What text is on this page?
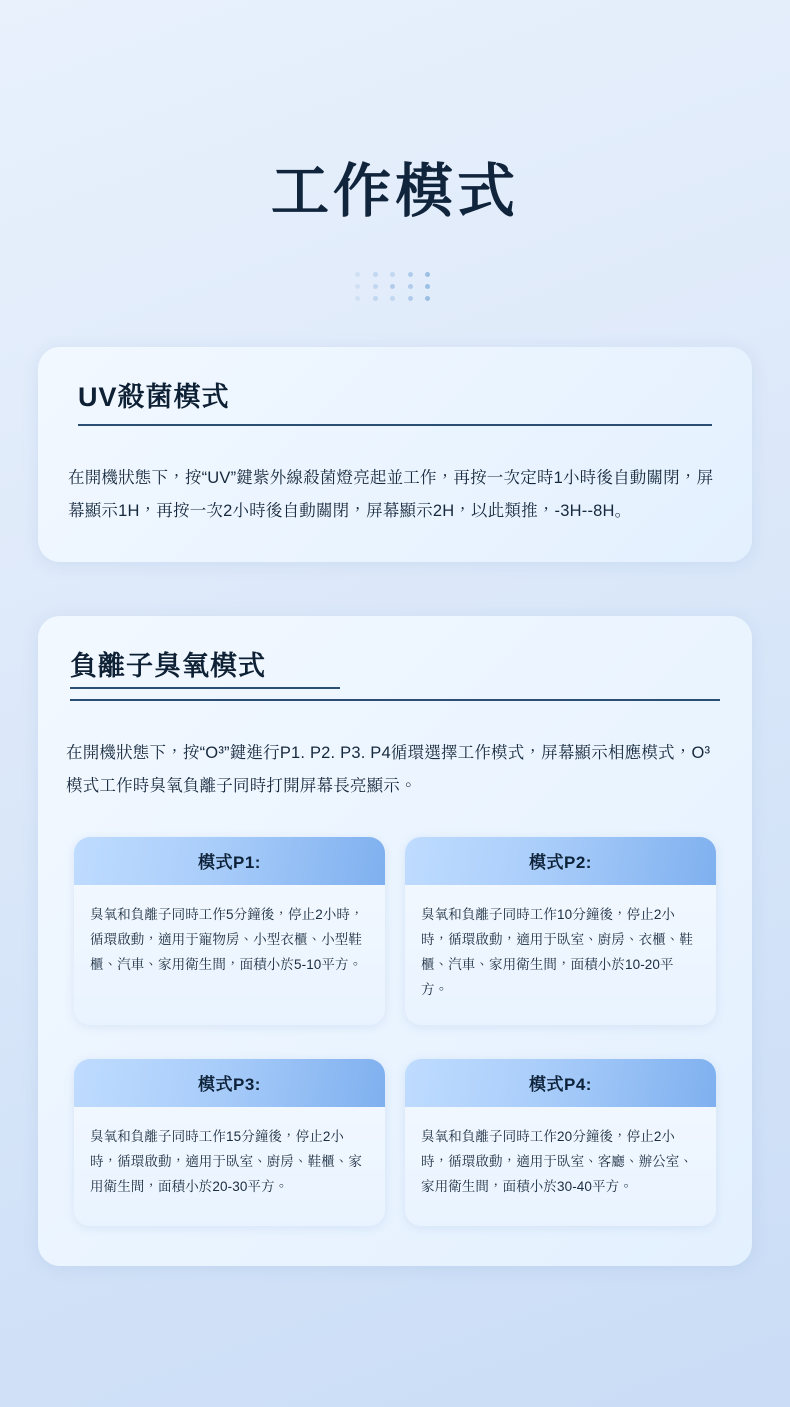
工作模式
UV殺菌模式

在開機狀態下，按“UV”鍵紫外線殺菌燈亮起並工作，再按一次定時1小時後自動關閉，屏幕顯示1H，再按一次2小時後自動關閉，屏幕顯示2H，以此類推，-3H--8H。

負離子臭氧模式

在開機狀態下，按“O³”鍵進行P1. P2. P3. P4循環選擇工作模式，屏幕顯示相應模式，O³模式工作時臭氧負離子同時打開屏幕長亮顯示。

模式P1:
臭氧和負離子同時工作5分鐘後，停止2小時，循環啟動，適用于寵物房、小型衣櫃、小型鞋櫃、汽車、家用衛生間，面積小於5-10平方。
模式P2:
臭氧和負離子同時工作10分鐘後，停止2小時，循環啟動，適用于臥室、廚房、衣櫃、鞋櫃、汽車、家用衛生間，面積小於10-20平方。
模式P3:
臭氧和負離子同時工作15分鐘後，停止2小時，循環啟動，適用于臥室、廚房、鞋櫃、家用衛生間，面積小於20-30平方。
模式P4:
臭氧和負離子同時工作20分鐘後，停止2小時，循環啟動，適用于臥室、客廳、辦公室、家用衛生間，面積小於30-40平方。
